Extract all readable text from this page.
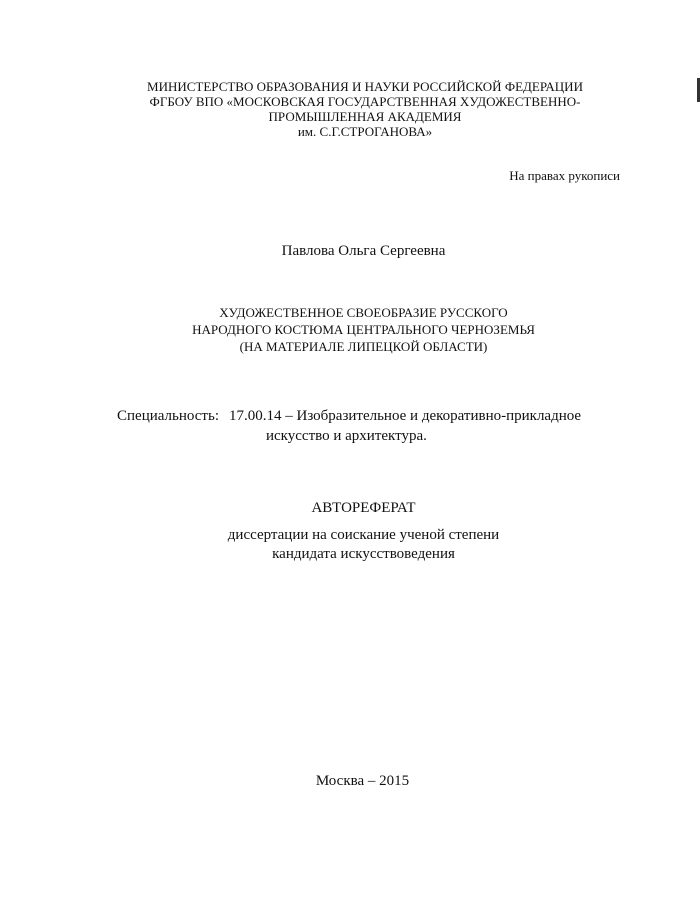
МИНИСТЕРСТВО ОБРАЗОВАНИЯ И НАУКИ РОССИЙСКОЙ ФЕДЕРАЦИИ
ФГБОУ ВПО «МОСКОВСКАЯ ГОСУДАРСТВЕННАЯ ХУДОЖЕСТВЕННО-
ПРОМЫШЛЕННАЯ АКАДЕМИЯ
им. С.Г.СТРОГАНОВА»
На правах рукописи
Павлова Ольга Сергеевна
ХУДОЖЕСТВЕННОЕ СВОЕОБРАЗИЕ РУССКОГО
НАРОДНОГО КОСТЮМА ЦЕНТРАЛЬНОГО ЧЕРНОЗЕМЬЯ
(НА МАТЕРИАЛЕ ЛИПЕЦКОЙ ОБЛАСТИ)
Специальность: 17.00.14 – Изобразительное и декоративно-прикладное
искусство и архитектура.
АВТОРЕФЕРАТ
диссертации на соискание ученой степени
кандидата искусствоведения
Москва – 2015
